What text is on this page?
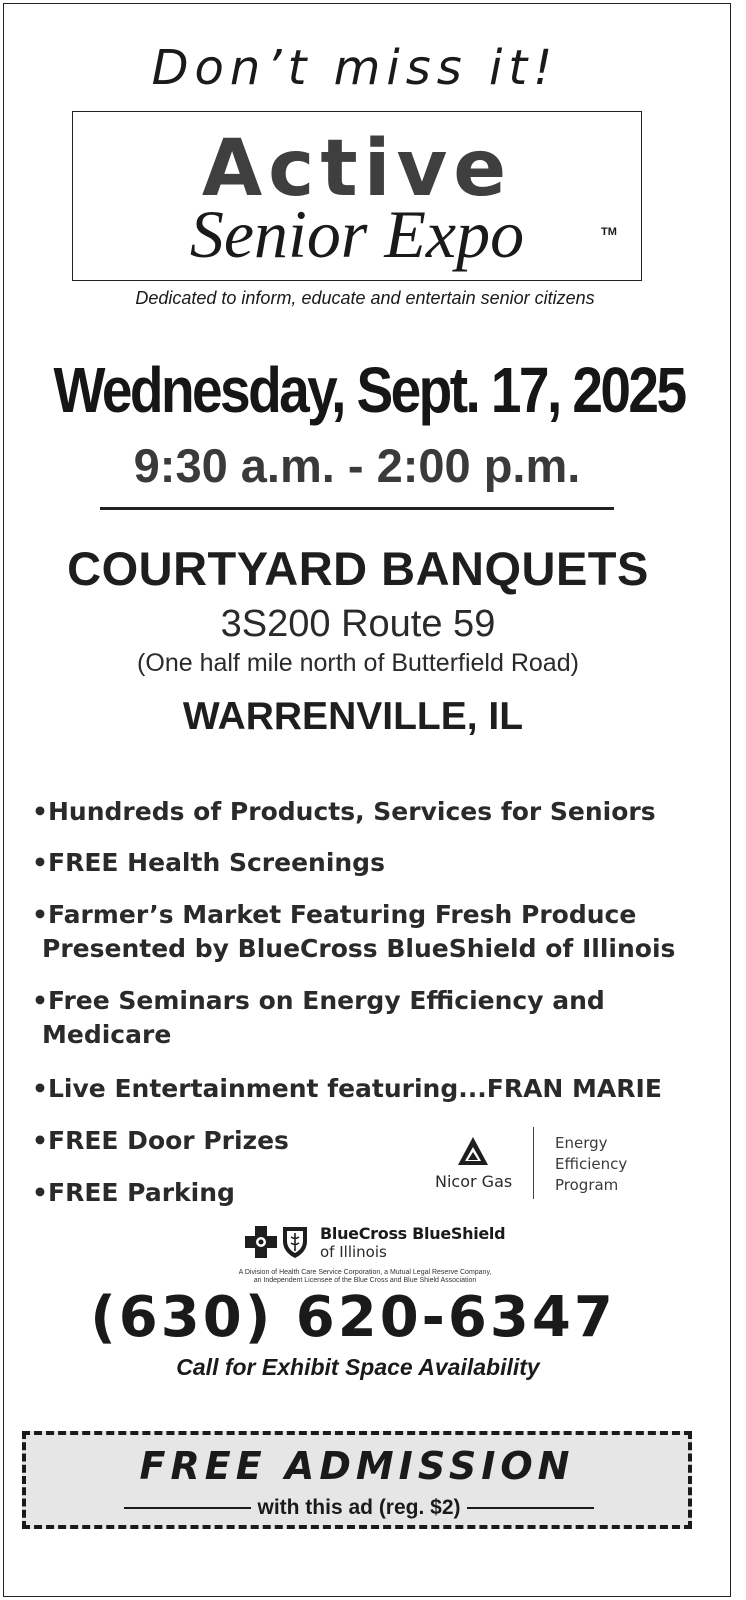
Don’t miss it!
Active
Senior Expo	TM
Dedicated to inform, educate and entertain senior citizens
Wednesday, Sept. 17, 2025
9:30 a.m. - 2:00 p.m.
COURTYARD BANQUETS
3S200 Route 59
(One half mile north of Butterfield Road)
WARRENVILLE, IL
•Hundreds of Products, Services for Seniors
•FREE Health Screenings
•Farmer’s Market Featuring Fresh Produce
Presented by BlueCross BlueShield of Illinois
•Free Seminars on Energy Efficiency and
Medicare
•Live Entertainment featuring...FRAN MARIE
•FREE Door Prizes
•FREE Parking	Nicor Gas
Energy
Efficiency
Program
BlueCross BlueShield
of Illinois
A Division of Health Care Service Corporation, a Mutual Legal Reserve Company,
an Independent Licensee of the Blue Cross and Blue Shield Association
(630) 620-6347
Call for Exhibit Space Availability
FREE ADMISSION
with this ad (reg. $2)
